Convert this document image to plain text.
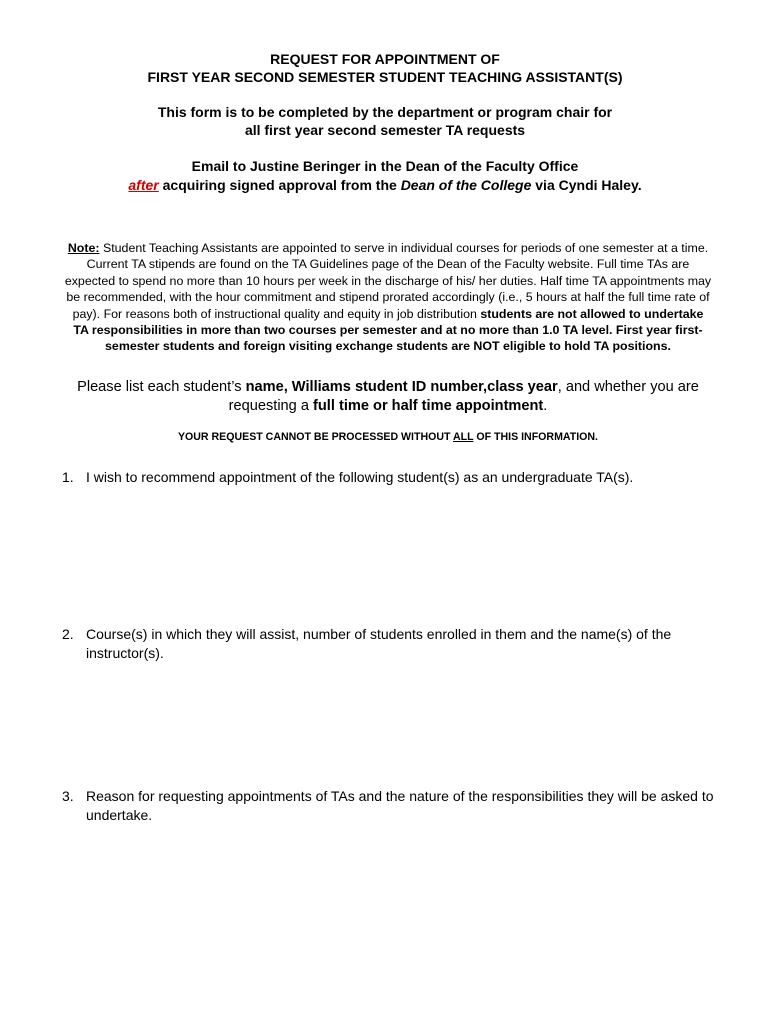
REQUEST FOR APPOINTMENT OF
FIRST YEAR SECOND SEMESTER STUDENT TEACHING ASSISTANT(S)
This form is to be completed by the department or program chair for
all first year second semester TA requests
Email to Justine Beringer in the Dean of the Faculty Office
after acquiring signed approval from the Dean of the College via Cyndi Haley.
Note: Student Teaching Assistants are appointed to serve in individual courses for periods of one semester at a time. Current TA stipends are found on the TA Guidelines page of the Dean of the Faculty website. Full time TAs are expected to spend no more than 10 hours per week in the discharge of his/ her duties. Half time TA appointments may be recommended, with the hour commitment and stipend prorated accordingly (i.e., 5 hours at half the full time rate of pay). For reasons both of instructional quality and equity in job distribution students are not allowed to undertake TA responsibilities in more than two courses per semester and at no more than 1.0 TA level. First year first-semester students and foreign visiting exchange students are NOT eligible to hold TA positions.
Please list each student’s name, Williams student ID number,class year, and whether you are requesting a full time or half time appointment.
YOUR REQUEST CANNOT BE PROCESSED WITHOUT ALL OF THIS INFORMATION.
1. I wish to recommend appointment of the following student(s) as an undergraduate TA(s).
2. Course(s) in which they will assist, number of students enrolled in them and the name(s) of the instructor(s).
3. Reason for requesting appointments of TAs and the nature of the responsibilities they will be asked to undertake.
